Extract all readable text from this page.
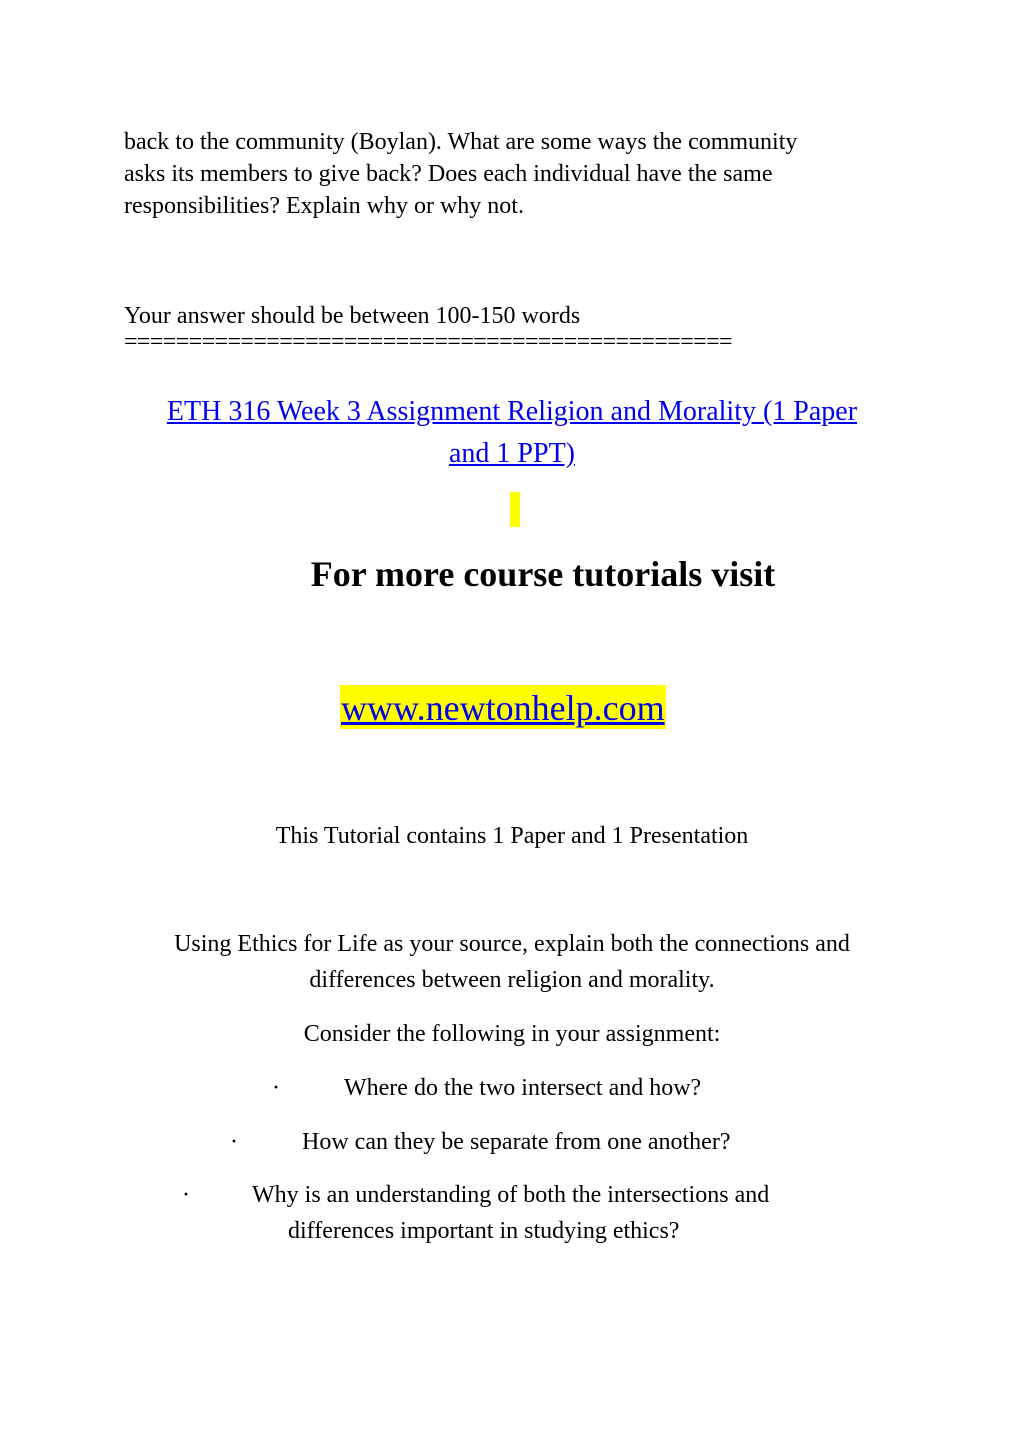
back to the community (Boylan). What are some ways the community
asks its members to give back? Does each individual have the same
responsibilities? Explain why or why not.
Your answer should be between 100-150 words
===============================================
ETH 316 Week 3 Assignment Religion and Morality (1 Paper
and 1 PPT)
For more course tutorials visit
www.newtonhelp.com
This Tutorial contains 1 Paper and 1 Presentation
Using Ethics for Life as your source, explain both the connections and
differences between religion and morality.
Consider the following in your assignment:
·	Where do the two intersect and how?
·	How can they be separate from one another?
·	Why is an understanding of both the intersections and
differences important in studying ethics?
